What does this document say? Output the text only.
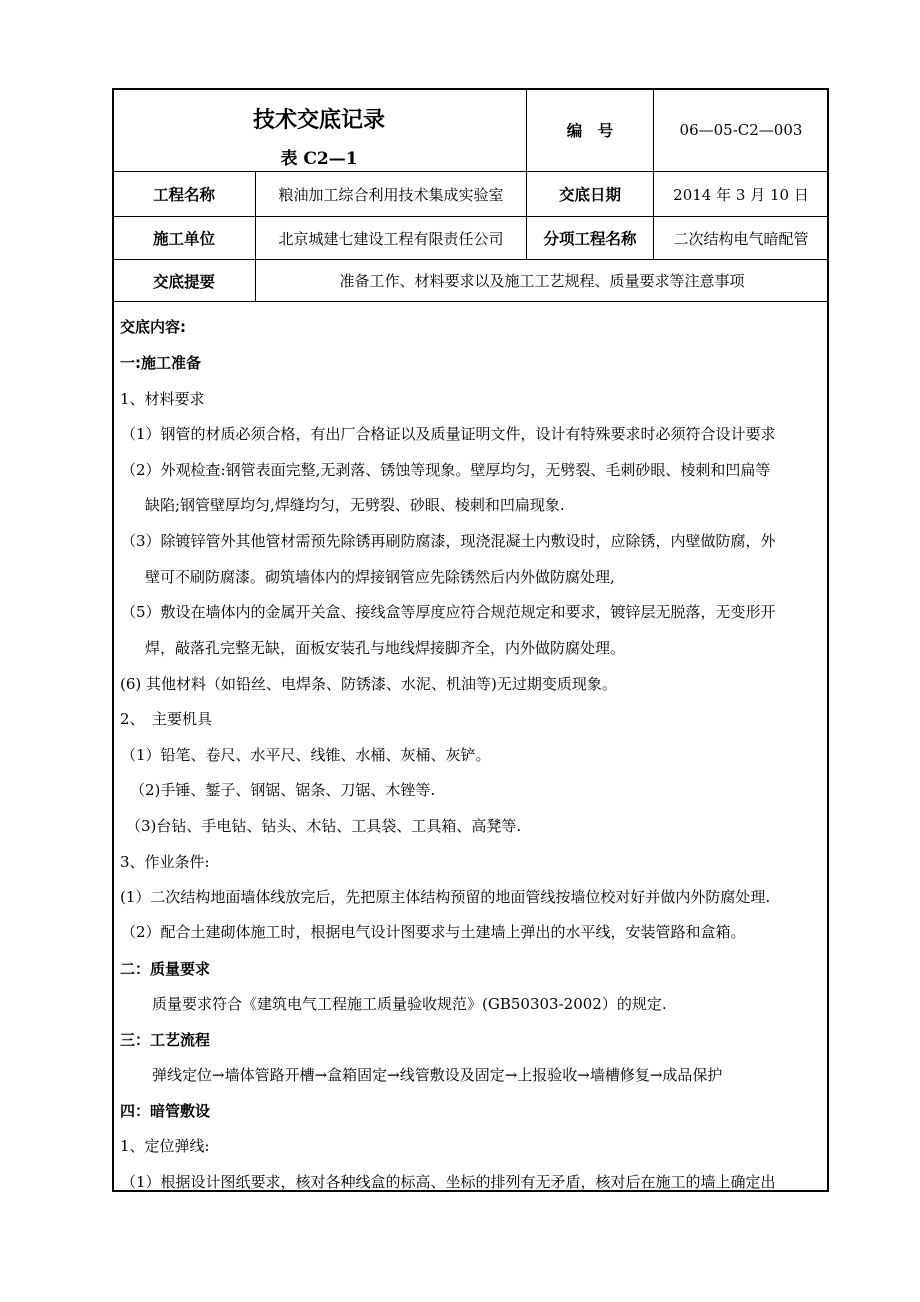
技术交底记录
表 C2—1
编　号	06—05-C2—003
工程名称	粮油加工综合利用技术集成实验室	交底日期	2014 年 3 月 10 日
施工单位	北京城建七建设工程有限责任公司	分项工程名称	二次结构电气暗配管
交底提要	准备工作、材料要求以及施工工艺规程、质量要求等注意事项
交底内容:
一:施工准备
1、材料要求
（1）钢管的材质必须合格，有出厂合格证以及质量证明文件，设计有特殊要求时必须符合设计要求
（2）外观检查:钢管表面完整,无剥落、锈蚀等现象。壁厚均匀，无劈裂、毛刺砂眼、棱刺和凹扁等
缺陷;钢管壁厚均匀,焊缝均匀，无劈裂、砂眼、棱刺和凹扁现象.
（3）除镀锌管外其他管材需预先除锈再刷防腐漆，现浇混凝土内敷设时，应除锈，内壁做防腐，外
壁可不刷防腐漆。砌筑墙体内的焊接钢管应先除锈然后内外做防腐处理,
（5）敷设在墙体内的金属开关盒、接线盒等厚度应符合规范规定和要求，镀锌层无脱落，无变形开
焊，敲落孔完整无缺，面板安装孔与地线焊接脚齐全，内外做防腐处理。
(6) 其他材料（如铅丝、电焊条、防锈漆、水泥、机油等)无过期变质现象。
2、　主要机具
（1）铅笔、卷尺、水平尺、线锥、水桶、灰桶、灰铲。
（2)手锤、錾子、钢锯、锯条、刀锯、木锉等.
（3)台钻、手电钻、钻头、木钻、工具袋、工具箱、高凳等.
3、作业条件:
(1）二次结构地面墙体线放完后，先把原主体结构预留的地面管线按墙位校对好并做内外防腐处理.
（2）配合土建砌体施工时，根据电气设计图要求与土建墙上弹出的水平线，安装管路和盒箱。
二：质量要求
质量要求符合《建筑电气工程施工质量验收规范》(GB50303-2002）的规定.
三：工艺流程
弹线定位→墙体管路开槽→盒箱固定→线管敷设及固定→上报验收→墙槽修复→成品保护
四：暗管敷设
1、定位弹线:
（1）根据设计图纸要求，核对各种线盒的标高、坐标的排列有无矛盾，核对后在施工的墙上确定出
